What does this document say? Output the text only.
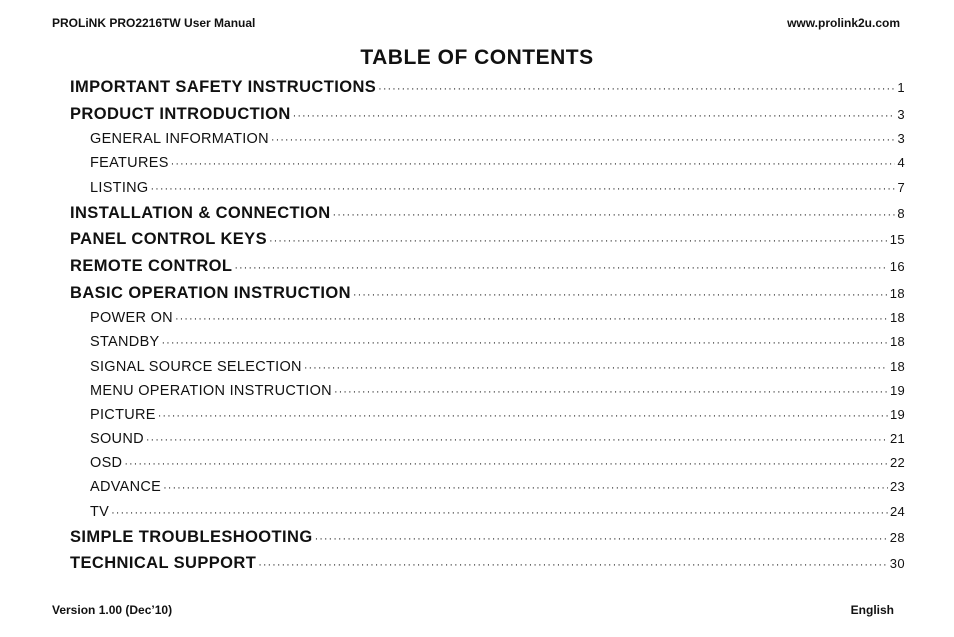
PROLiNK PRO2216TW User Manual	www.prolink2u.com
TABLE OF CONTENTS
IMPORTANT SAFETY INSTRUCTIONS ·····	1
PRODUCT INTRODUCTION ·····	3
GENERAL INFORMATION ·····	3
FEATURES ·····	4
LISTING ·····	7
INSTALLATION & CONNECTION ·····	8
PANEL CONTROL KEYS ·····	15
REMOTE CONTROL ·····	16
BASIC OPERATION INSTRUCTION ·····	18
POWER ON ·····	18
STANDBY ·····	18
SIGNAL SOURCE SELECTION ·····	18
MENU OPERATION INSTRUCTION ·····	19
PICTURE ·····	19
SOUND ·····	21
OSD ·····	22
ADVANCE ·····	23
TV ·····	24
SIMPLE TROUBLESHOOTING ·····	28
TECHNICAL SUPPORT ·····	30
Version 1.00 (Dec’10)	English
